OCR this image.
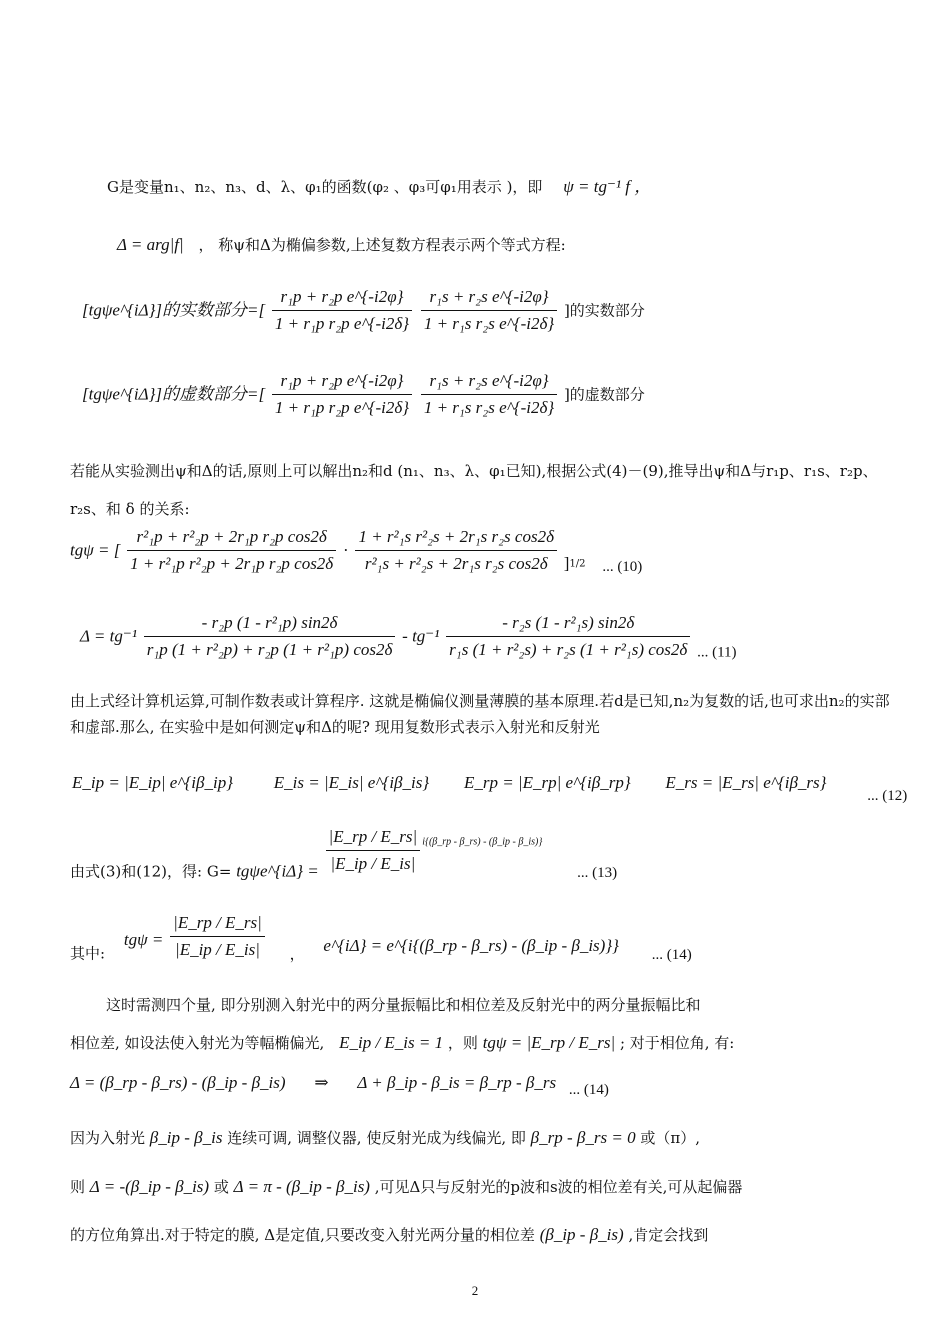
G是变量n₁、n₂、n₃、d、λ、φ₁的函数(φ₂ 、φ₃可φ₁用表示 )，即 ψ = tg⁻¹ f ，
Δ = arg|f| ， 称ψ和Δ为椭偏参数,上述复数方程表示两个等式方程:
[tgψe^{iΔ}]的实数部分=[ $\frac{\text{r₁p + r₂p e\textasciicircum{}\{-i2φ\}}}{\text{1 + r₁p r₂p e\textasciicircum{}\{-i2δ\}}}$
$\frac{\text{r₁s + r₂s e\textasciicircum{}\{-i2φ\}}}{\text{1 + r₁s r₂s e\textasciicircum{}\{-i2δ\}}}$ ]的实数部分
[tgψe^{iΔ}]的虚数部分=[ $\frac{\text{r₁p + r₂p e\textasciicircum{}\{-i2φ\}}}{\text{1 + r₁p r₂p e\textasciicircum{}\{-i2δ\}}}$
$\frac{\text{r₁s + r₂s e\textasciicircum{}\{-i2φ\}}}{\text{1 + r₁s r₂s e\textasciicircum{}\{-i2δ\}}}$ ]的虚数部分
若能从实验测出ψ和Δ的话,原则上可以解出n₂和d (n₁、n₃、λ、φ₁已知),根据公式(4)－(9),推导出ψ和Δ与r₁p、r₁s、r₂p、r₂s、和 δ 的关系:
tgψ = [ $\frac{\text{r²₁p + r²₂p + 2r₁p r₂p cos2δ}}{\text{1 + r²₁p r²₂p + 2r₁p r₂p cos2δ}} \cdot \frac{\text{1 + r²₁s r²₂s + 2r₁s r₂s cos2δ}}{\text{r²₁s + r²₂s + 2r₁s r₂s cos2δ}} ]^{1/2}$ ... (10)
$\Delta = tg^{-1} \frac{\text{- r₂p (1 - r²₁p) sin2δ}}{\text{r₁p (1 + r²₂p) + r₂p (1 + r²₁p) cos2δ}} - tg^{-1} \frac{\text{- r₂s (1 - r²₁s) sin2δ}}{\text{r₁s (1 + r²₂s) + r₂s (1 + r²₁s) cos2δ}}$ ... (11)
由上式经计算机运算,可制作数表或计算程序. 这就是椭偏仪测量薄膜的基本原理.若d是已知,n₂为复数的话,也可求出n₂的实部和虚部.那么, 在实验中是如何测定ψ和Δ的呢? 现用复数形式表示入射光和反射光
E_ip = |E_ip| e^{iβ_ip} E_is = |E_is| e^{iβ_is} E_rp = |E_rp| e^{iβ_rp} E_rs = |E_rs| e^{iβ_rs} ... (12)
由式(3)和(12)，得: G= tgψe^{iΔ} = $\frac{|E\_rp / E\_rs|}{|E\_ip / E\_is|} ^{i\{(\beta\_rp - \beta\_rs) - (\beta\_ip - \beta\_is)\}}$ ... (13)
其中: $tg\psi = \frac{|E\_rp / E\_rs|}{|E\_ip / E\_is|}$ ， e^{iΔ} = e^{i{(β_rp - β_rs) - (β_ip - β_is)}} ... (14)
这时需测四个量, 即分别测入射光中的两分量振幅比和相位差及反射光中的两分量振幅比和
相位差, 如设法使入射光为等幅椭偏光, E_ip / E_is = 1 ，则 tgψ = |E_rp / E_rs| ; 对于相位角, 有:
Δ = (β_rp - β_rs) - (β_ip - β_is) ⇒ Δ + β_ip - β_is = β_rp - β_rs ... (14)
因为入射光 β_ip - β_is 连续可调, 调整仪器, 使反射光成为线偏光, 即 β_rp - β_rs = 0 或（π）,
则 Δ = -(β_ip - β_is) 或 Δ = π - (β_ip - β_is) ,可见Δ只与反射光的p波和s波的相位差有关,可从起偏器
的方位角算出.对于特定的膜, Δ是定值,只要改变入射光两分量的相位差 (β_ip - β_is) ,肯定会找到
2
